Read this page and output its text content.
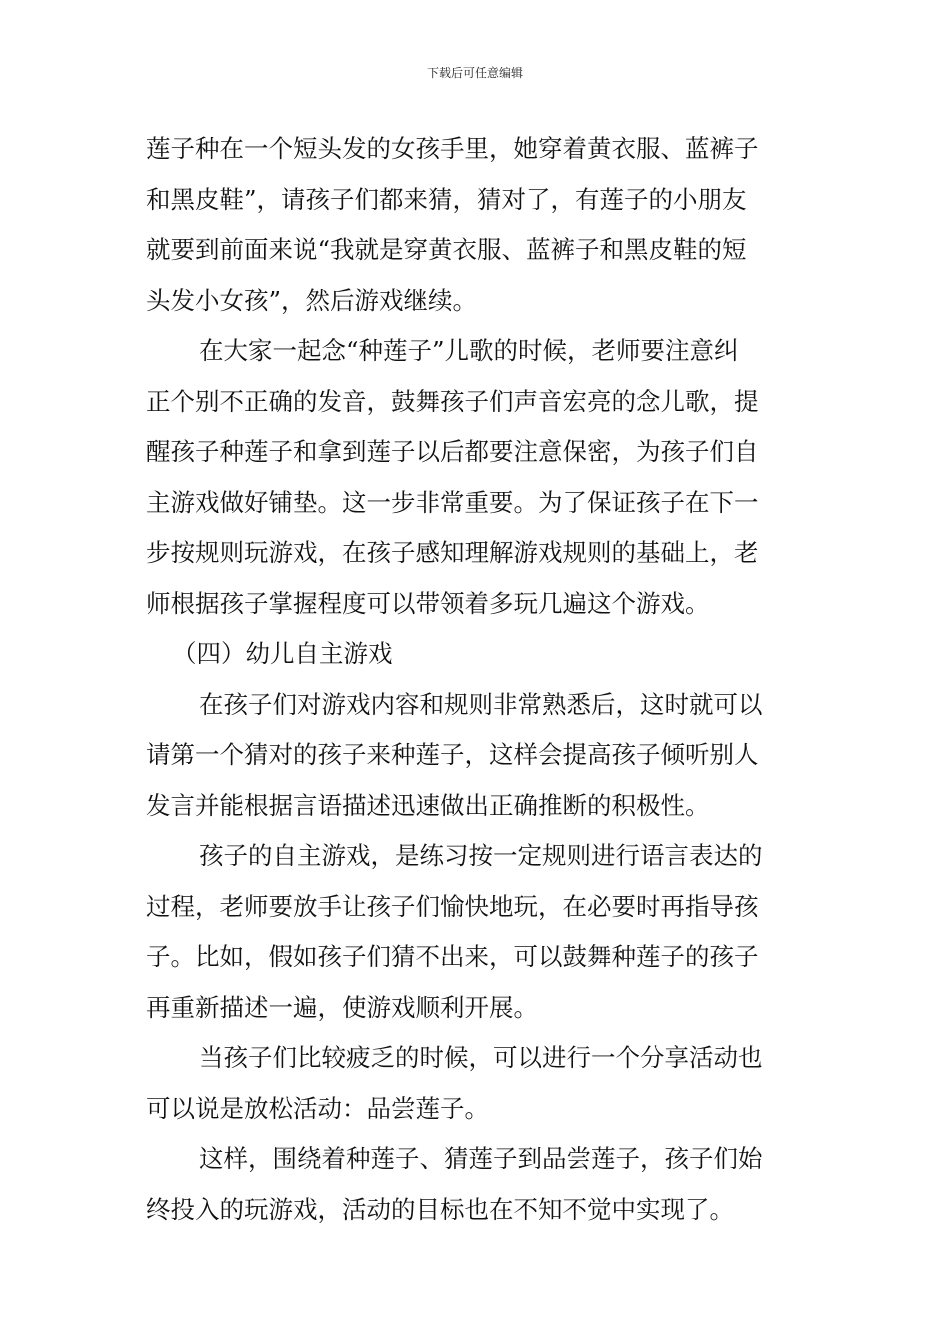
下载后可任意编辑
莲子种在一个短头发的女孩手里，她穿着黄衣服、蓝裤子
和黑皮鞋”，请孩子们都来猜，猜对了，有莲子的小朋友
就要到前面来说“我就是穿黄衣服、蓝裤子和黑皮鞋的短
头发小女孩”，然后游戏继续。
在大家一起念“种莲子”儿歌的时候，老师要注意纠
正个别不正确的发音，鼓舞孩子们声音宏亮的念儿歌，提
醒孩子种莲子和拿到莲子以后都要注意保密，为孩子们自
主游戏做好铺垫。这一步非常重要。为了保证孩子在下一
步按规则玩游戏，在孩子感知理解游戏规则的基础上，老
师根据孩子掌握程度可以带领着多玩几遍这个游戏。
（四）幼儿自主游戏
在孩子们对游戏内容和规则非常熟悉后，这时就可以
请第一个猜对的孩子来种莲子，这样会提高孩子倾听别人
发言并能根据言语描述迅速做出正确推断的积极性。
孩子的自主游戏，是练习按一定规则进行语言表达的
过程，老师要放手让孩子们愉快地玩，在必要时再指导孩
子。比如，假如孩子们猜不出来，可以鼓舞种莲子的孩子
再重新描述一遍，使游戏顺利开展。
当孩子们比较疲乏的时候，可以进行一个分享活动也
可以说是放松活动：品尝莲子。
这样，围绕着种莲子、猜莲子到品尝莲子，孩子们始
终投入的玩游戏，活动的目标也在不知不觉中实现了。
